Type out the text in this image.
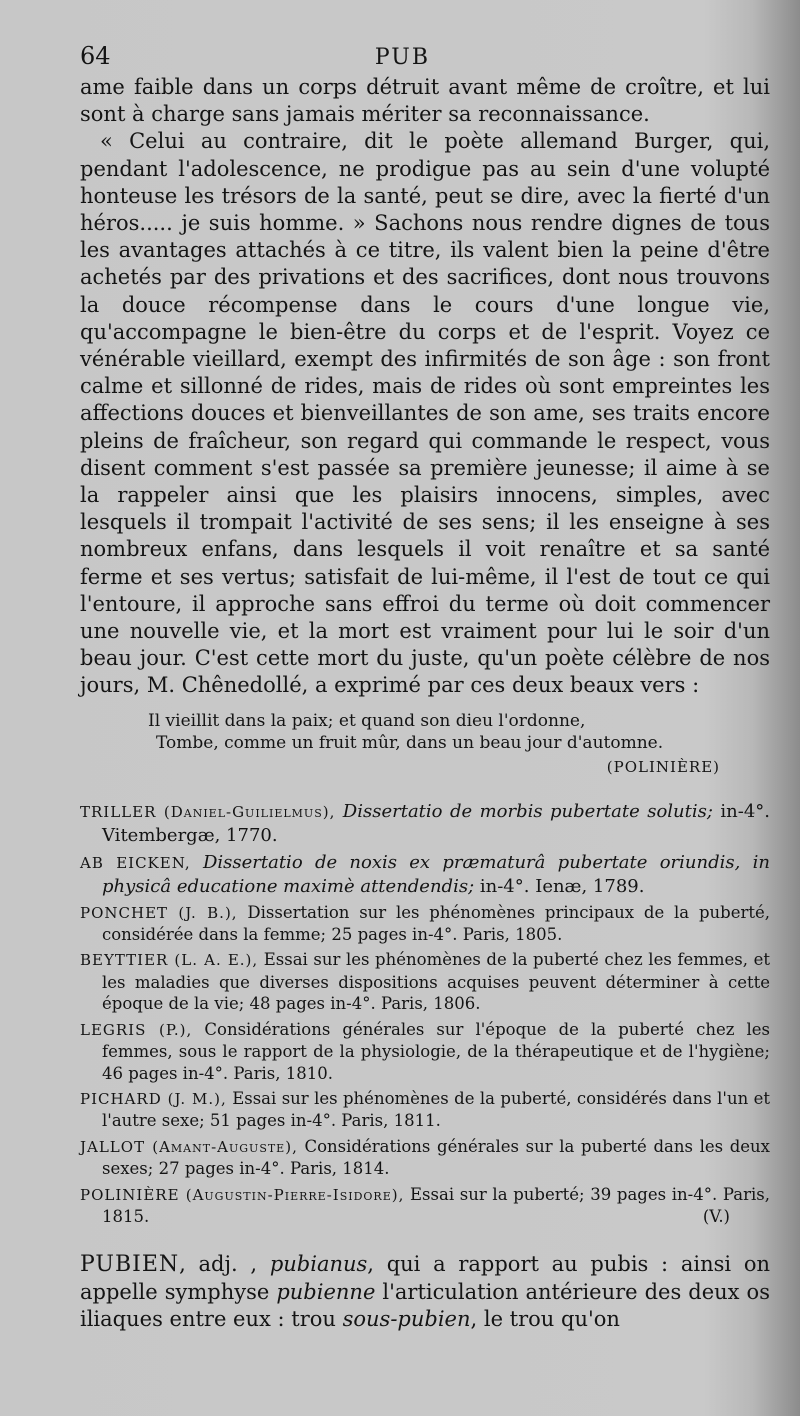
64	PUB

ame faible dans un corps détruit avant même de croître, et lui sont à charge sans jamais mériter sa reconnaissance.

« Celui au contraire, dit le poète allemand Burger, qui, pendant l'adolescence, ne prodigue pas au sein d'une volupté honteuse les trésors de la santé, peut se dire, avec la fierté d'un héros..... je suis homme. » Sachons nous rendre dignes de tous les avantages attachés à ce titre, ils valent bien la peine d'être achetés par des privations et des sacrifices, dont nous trouvons la douce récompense dans le cours d'une longue vie, qu'accompagne le bien-être du corps et de l'esprit. Voyez ce vénérable vieillard, exempt des infirmités de son âge : son front calme et sillonné de rides, mais de rides où sont empreintes les affections douces et bienveillantes de son ame, ses traits encore pleins de fraîcheur, son regard qui commande le respect, vous disent comment s'est passée sa première jeunesse; il aime à se la rappeler ainsi que les plaisirs innocens, simples, avec lesquels il trompait l'activité de ses sens; il les enseigne à ses nombreux enfans, dans lesquels il voit renaître et sa santé ferme et ses vertus; satisfait de lui-même, il l'est de tout ce qui l'entoure, il approche sans effroi du terme où doit commencer une nouvelle vie, et la mort est vraiment pour lui le soir d'un beau jour. C'est cette mort du juste, qu'un poète célèbre de nos jours, M. Chênedollé, a exprimé par ces deux beaux vers :

Il vieillit dans la paix; et quand son dieu l'ordonne,
Tombe, comme un fruit mûr, dans un beau jour d'automne.
(POLINIÈRE)
TRILLER (Daniel-Guilielmus), Dissertatio de morbis pubertate solutis; in-4°. Vitembergæ, 1770.
AB EICKEN, Dissertatio de noxis ex præmaturâ pubertate oriundis, in physicâ educatione maximè attendendis; in-4°. Ienæ, 1789.
PONCHET (J. B.), Dissertation sur les phénomènes principaux de la puberté, considérée dans la femme; 25 pages in-4°. Paris, 1805.
BEYTTIER (L. A. E.), Essai sur les phénomènes de la puberté chez les femmes, et les maladies que diverses dispositions acquises peuvent déterminer à cette époque de la vie; 48 pages in-4°. Paris, 1806.
LEGRIS (P.), Considérations générales sur l'époque de la puberté chez les femmes, sous le rapport de la physiologie, de la thérapeutique et de l'hygiène; 46 pages in-4°. Paris, 1810.
PICHARD (J. M.), Essai sur les phénomènes de la puberté, considérés dans l'un et l'autre sexe; 51 pages in-4°. Paris, 1811.
JALLOT (Amant-Auguste), Considérations générales sur la puberté dans les deux sexes; 27 pages in-4°. Paris, 1814.
POLINIÈRE (Augustin-Pierre-Isidore), Essai sur la puberté; 39 pages in-4°. Paris, 1815.	(V.)
PUBIEN, adj. , pubianus, qui a rapport au pubis : ainsi on appelle symphyse pubienne l'articulation antérieure des deux os iliaques entre eux : trou sous-pubien, le trou qu'on
